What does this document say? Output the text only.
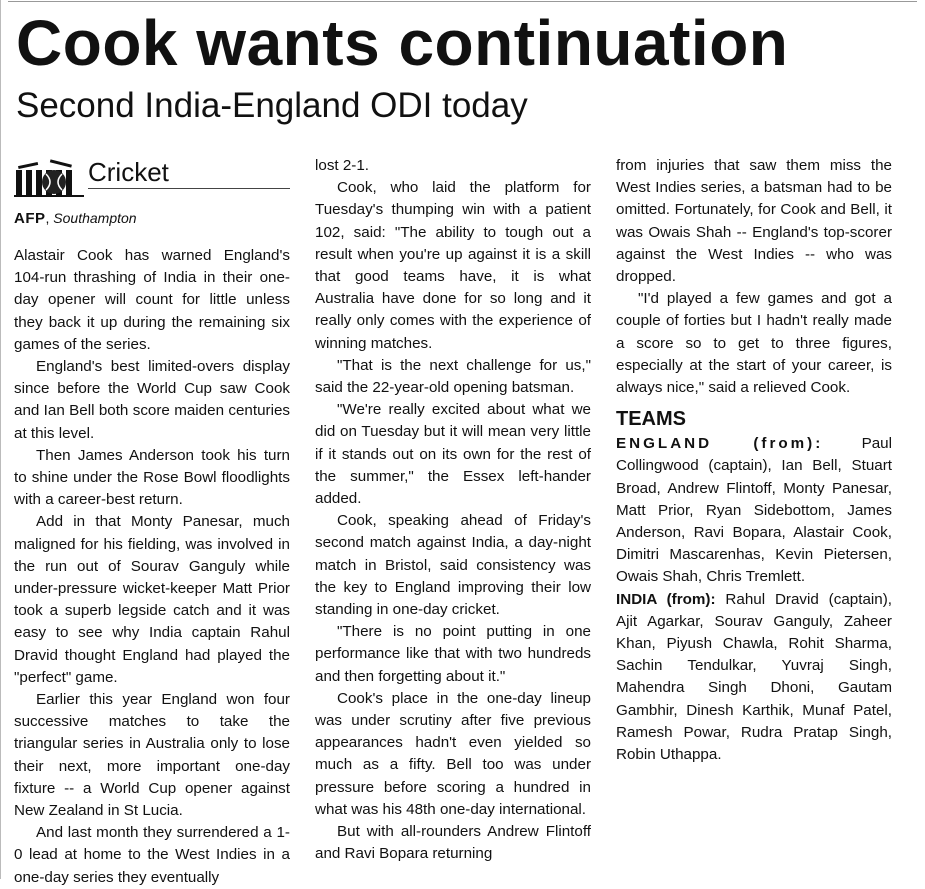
Cook wants continuation
Second India-England ODI today
Cricket
AFP, Southampton

Alastair Cook has warned England's 104-run thrashing of India in their one-day opener will count for little unless they back it up during the remaining six games of the series.

England's best limited-overs display since before the World Cup saw Cook and Ian Bell both score maiden centuries at this level.

Then James Anderson took his turn to shine under the Rose Bowl floodlights with a career-best return.

Add in that Monty Panesar, much maligned for his fielding, was involved in the run out of Sourav Ganguly while under-pressure wicket-keeper Matt Prior took a superb legside catch and it was easy to see why India captain Rahul Dravid thought England had played the "perfect" game.

Earlier this year England won four successive matches to take the triangular series in Australia only to lose their next, more important one-day fixture -- a World Cup opener against New Zealand in St Lucia.

And last month they surrendered a 1-0 lead at home to the West Indies in a one-day series they eventually

lost 2-1.

Cook, who laid the platform for Tuesday's thumping win with a patient 102, said: "The ability to tough out a result when you're up against it is a skill that good teams have, it is what Australia have done for so long and it really only comes with the experience of winning matches.

"That is the next challenge for us," said the 22-year-old opening batsman.

"We're really excited about what we did on Tuesday but it will mean very little if it stands out on its own for the rest of the summer," the Essex left-hander added.

Cook, speaking ahead of Friday's second match against India, a day-night match in Bristol, said consistency was the key to England improving their low standing in one-day cricket.

"There is no point putting in one performance like that with two hundreds and then forgetting about it."

Cook's place in the one-day lineup was under scrutiny after five previous appearances hadn't even yielded so much as a fifty. Bell too was under pressure before scoring a hundred in what was his 48th one-day international.

But with all-rounders Andrew Flintoff and Ravi Bopara returning

from injuries that saw them miss the West Indies series, a batsman had to be omitted. Fortunately, for Cook and Bell, it was Owais Shah -- England's top-scorer against the West Indies -- who was dropped.

"I'd played a few games and got a couple of forties but I hadn't really made a score so to get to three figures, especially at the start of your career, is always nice," said a relieved Cook.

TEAMS

ENGLAND (from):	Paul Collingwood (captain), Ian Bell, Stuart Broad, Andrew Flintoff, Monty Panesar, Matt Prior, Ryan Sidebottom, James Anderson, Ravi Bopara, Alastair Cook, Dimitri Mascarenhas, Kevin Pietersen, Owais Shah, Chris Tremlett.

INDIA (from): Rahul Dravid (captain), Ajit Agarkar, Sourav Ganguly, Zaheer Khan, Piyush Chawla, Rohit Sharma, Sachin Tendulkar, Yuvraj Singh, Mahendra Singh Dhoni, Gautam Gambhir, Dinesh Karthik, Munaf Patel, Ramesh Powar, Rudra Pratap Singh, Robin Uthappa.
